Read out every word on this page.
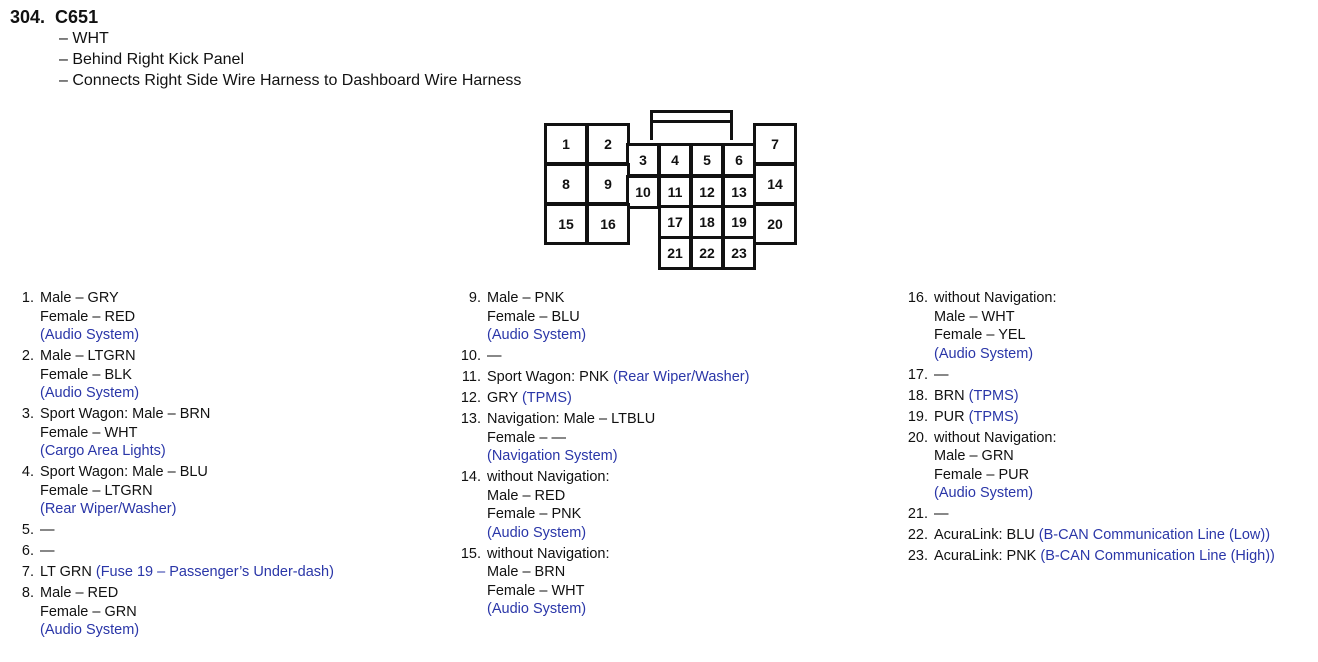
304. C651
– WHT
– Behind Right Kick Panel
– Connects Right Side Wire Harness to Dashboard Wire Harness
1	2
3	4	5	6
7
8	9	10	11	12	13	14
15	16	17	18	19	20
21	22	23
1. Male – GRY
Female – RED
(Audio System)
2. Male – LTGRN
Female – BLK
(Audio System)
3. Sport Wagon: Male – BRN
Female – WHT
(Cargo Area Lights)
4. Sport Wagon: Male – BLU
Female – LTGRN
(Rear Wiper/Washer)
5. —
6. —
7. LT GRN (Fuse 19 – Passenger’s Under-dash)
8. Male – RED
Female – GRN
(Audio System)
9. Male – PNK
Female – BLU
(Audio System)
10. —
11. Sport Wagon: PNK (Rear Wiper/Washer)
12. GRY (TPMS)
13. Navigation: Male – LTBLU
Female – —
(Navigation System)
14. without Navigation:
Male – RED
Female – PNK
(Audio System)
15. without Navigation:
Male – BRN
Female – WHT
(Audio System)
16. without Navigation:
Male – WHT
Female – YEL
(Audio System)
17. —
18. BRN (TPMS)
19. PUR (TPMS)
20. without Navigation:
Male – GRN
Female – PUR
(Audio System)
21. —
22. AcuraLink: BLU (B-CAN Communication Line (Low))
23. AcuraLink: PNK (B-CAN Communication Line (High))
